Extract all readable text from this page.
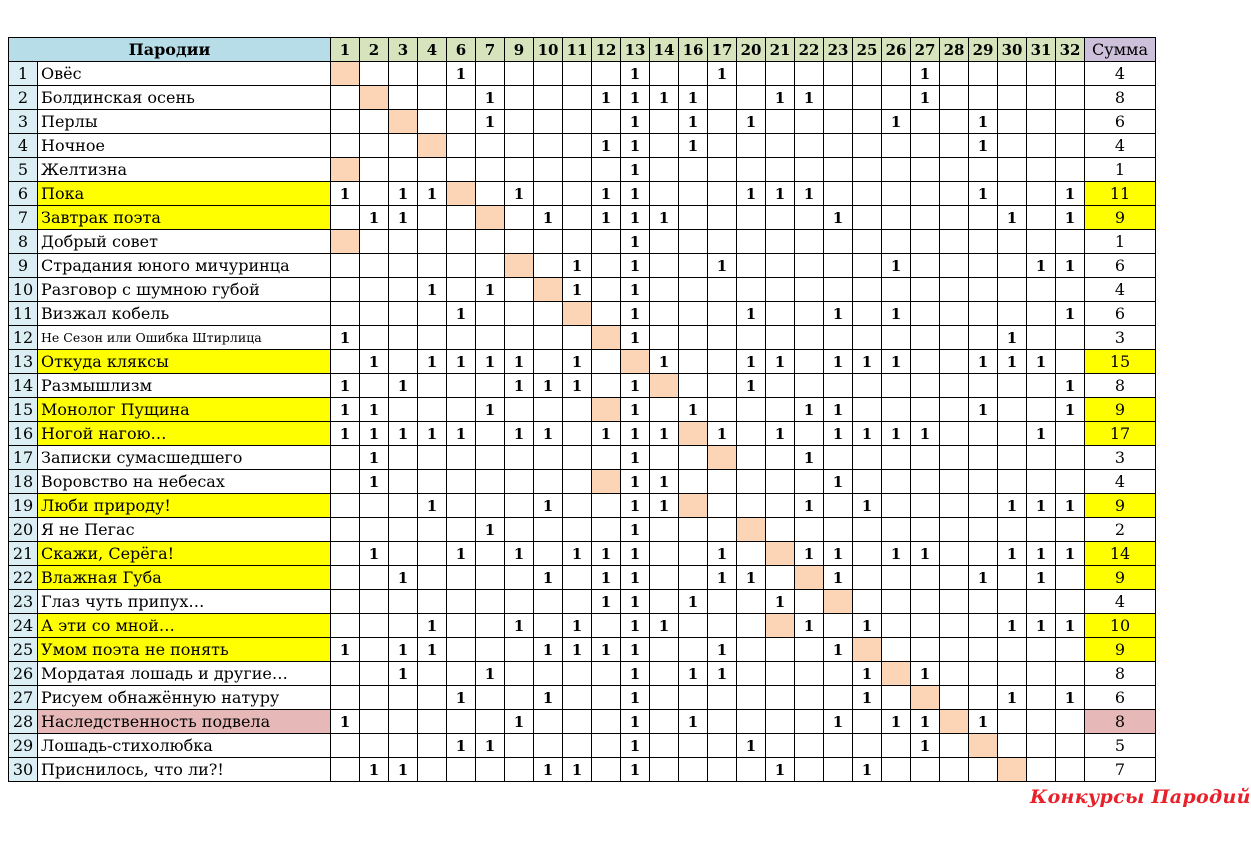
Пародии		1	2	3	4	6	7	9	10	11	12	13	14	16	17	20	21	22	23	25	26	27	28	29	30	31	32	Сумма
1	Овёс					1						1			1							1						4
2	Болдинская осень						1				1	1	1	1			1	1				1						8
3	Перлы						1					1		1		1					1			1				6
4	Ночное										1	1		1										1				4
5	Желтизна											1																1
6	Пока	1		1	1			1			1	1				1	1	1						1			1	11
7	Завтрак поэта		1	1					1		1	1	1						1						1		1	9
8	Добрый совет											1																1
9	Страдания юного мичуринца									1		1			1						1					1	1	6
10	Разговор с шумною губой				1		1			1		1																4
11	Визжал кобель					1						1				1			1		1						1	6
12	Не Сезон или Ошибка Штирлица	1										1													1			3
13	Откуда кляксы		1		1	1	1	1		1			1			1	1		1	1	1			1	1	1		15
14	Размышлизм	1		1				1	1	1		1				1											1	8
15	Монолог Пущина	1	1				1					1		1				1	1					1			1	9
16	Ногой нагою…	1	1	1	1	1		1	1		1	1	1		1		1		1	1	1	1				1		17
17	Записки сумасшедшего		1									1						1										3
18	Воровство на небесах		1									1	1						1									4
19	Люби природу!				1				1			1	1					1		1					1	1	1	9
20	Я не Пегас						1					1																2
21	Скажи, Серёга!		1			1		1		1	1	1			1			1	1		1	1			1	1	1	14
22	Влажная Губа			1					1		1	1			1	1			1					1		1		9
23	Глаз чуть припух…										1	1		1			1											4
24	А эти со мной…				1			1		1		1	1					1		1					1	1	1	10
25	Умом поэта не понять	1		1	1				1	1	1	1			1				1									9
26	Мордатая лошадь и другие…			1			1					1		1	1					1		1						8
27	Рисуем обнажённую натуру					1			1			1								1					1		1	6
28	Наследственность подвела	1						1				1		1					1		1	1		1				8
29	Лошадь-стихолюбка					1	1					1				1						1						5
30	Приснилось, что ли?!		1	1					1	1		1					1			1								7
Конкурсы Пародий
